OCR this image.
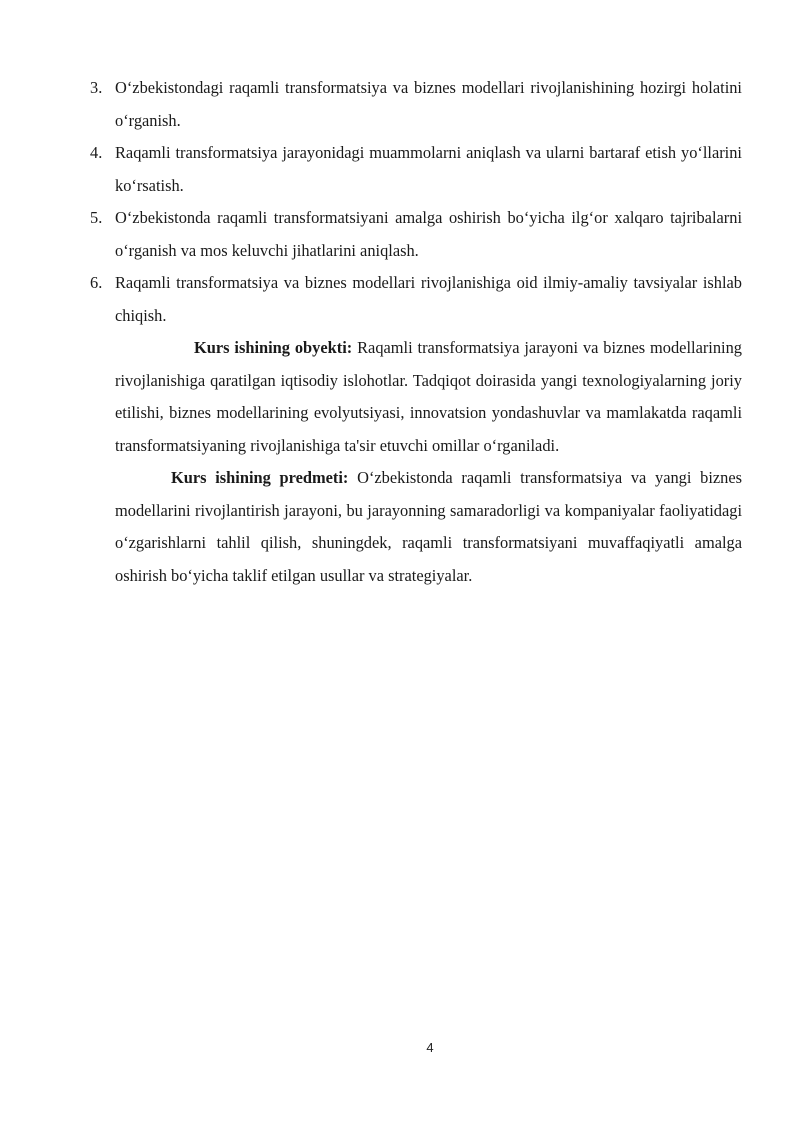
3. O‘zbekistondagi raqamli transformatsiya va biznes modellari rivojlanishining hozirgi holatini o‘rganish.
4. Raqamli transformatsiya jarayonidagi muammolarni aniqlash va ularni bartaraf etish yo‘llarini ko‘rsatish.
5. O‘zbekistonda raqamli transformatsiyani amalga oshirish bo‘yicha ilg‘or xalqaro tajribalarni o‘rganish va mos keluvchi jihatlarini aniqlash.
6. Raqamli transformatsiya va biznes modellari rivojlanishiga oid ilmiy-amaliy tavsiyalar ishlab chiqish.
Kurs ishining obyekti: Raqamli transformatsiya jarayoni va biznes modellarining rivojlanishiga qaratilgan iqtisodiy islohotlar. Tadqiqot doirasida yangi texnologiyalarning joriy etilishi, biznes modellarining evolyutsiyasi, innovatsion yondashuvlar va mamlakatda raqamli transformatsiyaning rivojlanishiga ta'sir etuvchi omillar o‘rganiladi.
Kurs ishining predmeti: O‘zbekistonda raqamli transformatsiya va yangi biznes modellarini rivojlantirish jarayoni, bu jarayonning samaradorligi va kompaniyalar faoliyatidagi o‘zgarishlarni tahlil qilish, shuningdek, raqamli transformatsiyani muvaffaqiyatli amalga oshirish bo‘yicha taklif etilgan usullar va strategiyalar.
4
